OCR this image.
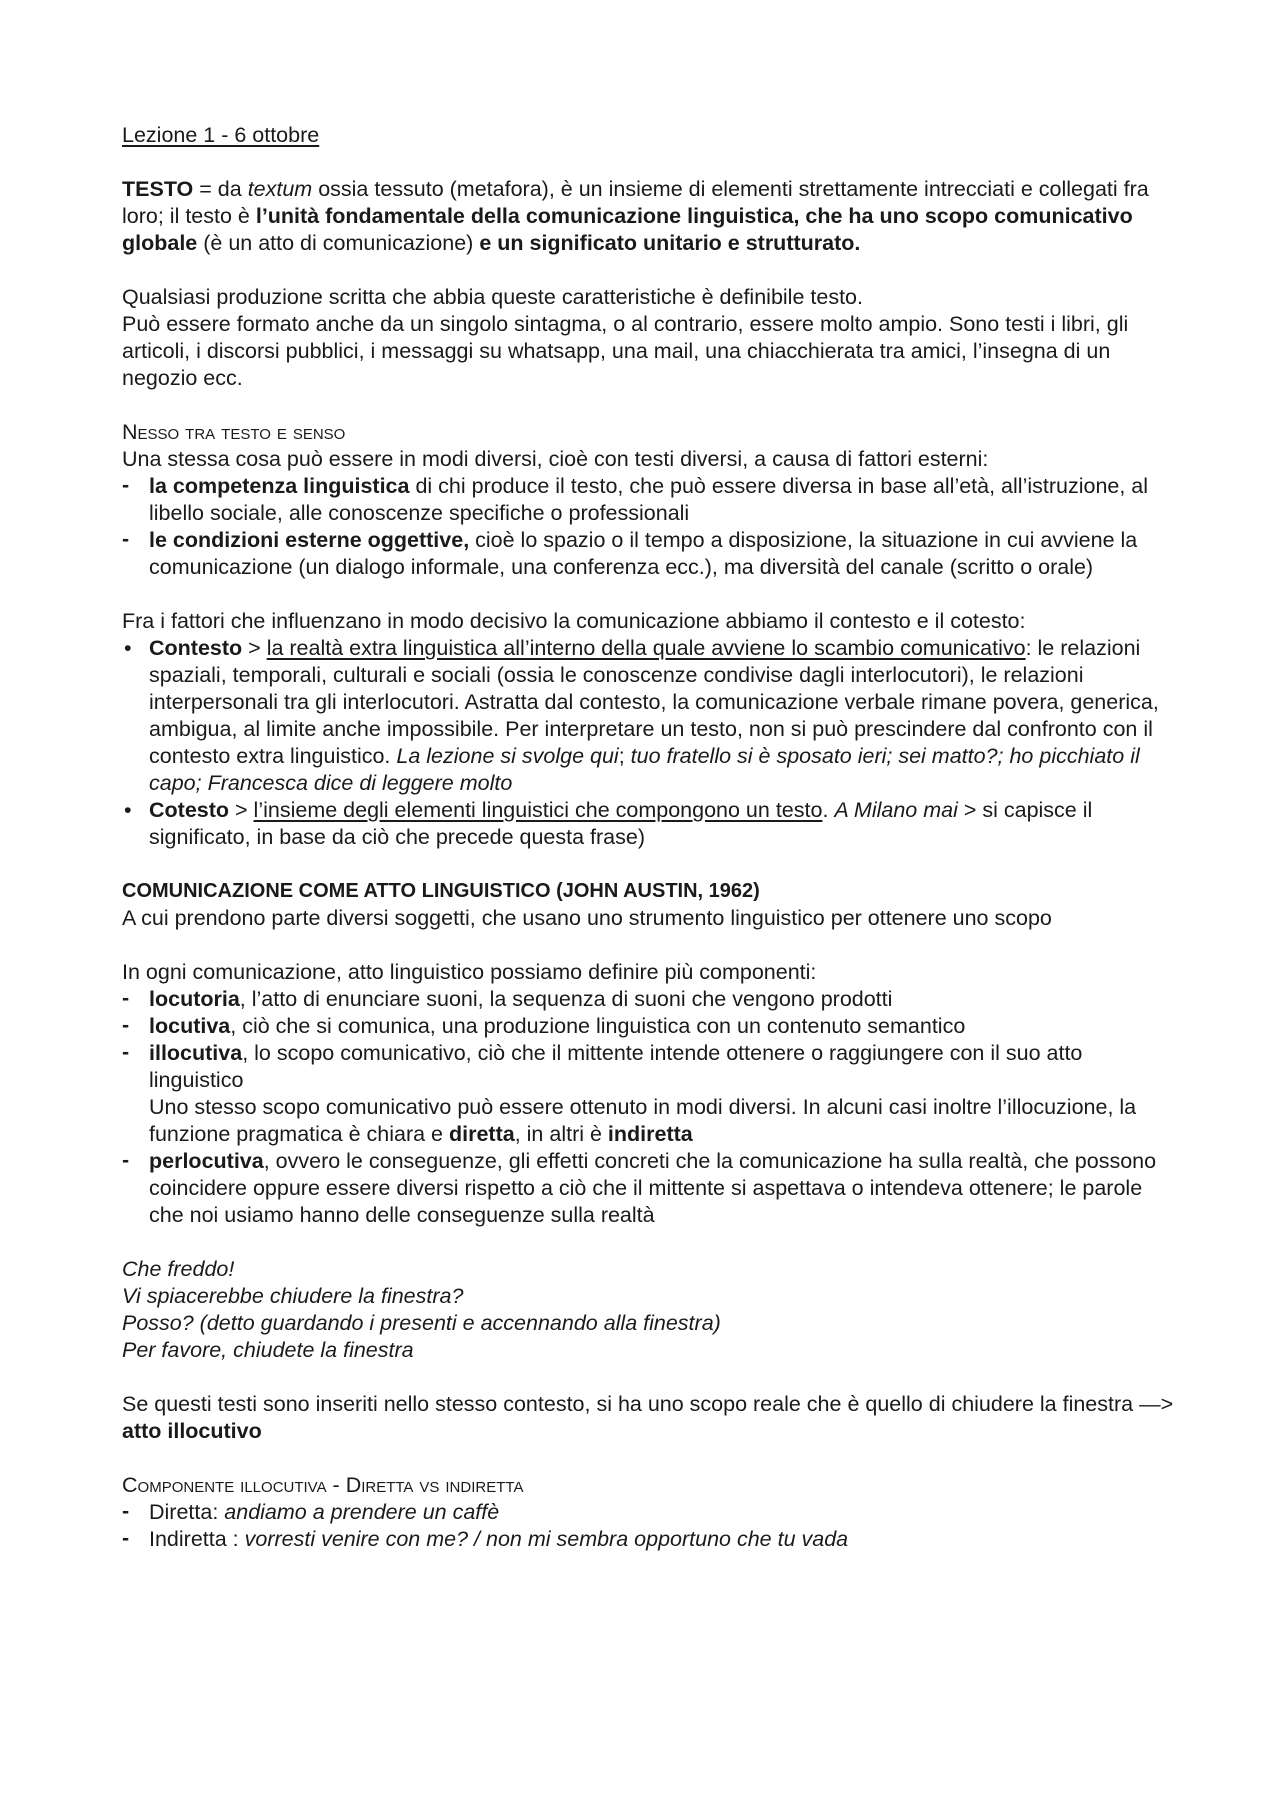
Lezione 1 - 6 ottobre

TESTO = da textum ossia tessuto (metafora), è un insieme di elementi strettamente intrecciati e collegati fra loro; il testo è l’unità fondamentale della comunicazione linguistica, che ha uno scopo comunicativo globale (è un atto di comunicazione) e un significato unitario e strutturato.

Qualsiasi produzione scritta che abbia queste caratteristiche è definibile testo.

Può essere formato anche da un singolo sintagma, o al contrario, essere molto ampio. Sono testi i libri, gli articoli, i discorsi pubblici, i messaggi su whatsapp, una mail, una chiacchierata tra amici, l’insegna di un negozio ecc.

Nesso tra testo e senso

Una stessa cosa può essere in modi diversi, cioè con testi diversi, a causa di fattori esterni:

- la competenza linguistica di chi produce il testo, che può essere diversa in base all’età, all’istruzione, al libello sociale, alle conoscenze specifiche o professionali
- le condizioni esterne oggettive, cioè lo spazio o il tempo a disposizione, la situazione in cui avviene la comunicazione (un dialogo informale, una conferenza ecc.), ma diversità del canale (scritto o orale)

Fra i fattori che influenzano in modo decisivo la comunicazione abbiamo il contesto e il cotesto:

• Contesto > la realtà extra linguistica all’interno della quale avviene lo scambio comunicativo: le relazioni spaziali, temporali, culturali e sociali (ossia le conoscenze condivise dagli interlocutori), le relazioni interpersonali tra gli interlocutori. Astratta dal contesto, la comunicazione verbale rimane povera, generica, ambigua, al limite anche impossibile. Per interpretare un testo, non si può prescindere dal confronto con il contesto extra linguistico. La lezione si svolge qui; tuo fratello si è sposato ieri; sei matto?; ho picchiato il capo; Francesca dice di leggere molto
• Cotesto > l’insieme degli elementi linguistici che compongono un testo. A Milano mai > si capisce il significato, in base da ciò che precede questa frase)

COMUNICAZIONE COME ATTO LINGUISTICO (JOHN AUSTIN, 1962)

A cui prendono parte diversi soggetti, che usano uno strumento linguistico per ottenere uno scopo

In ogni comunicazione, atto linguistico possiamo definire più componenti:

- locutoria, l’atto di enunciare suoni, la sequenza di suoni che vengono prodotti
- locutiva, ciò che si comunica, una produzione linguistica con un contenuto semantico
- illocutiva, lo scopo comunicativo, ciò che il mittente intende ottenere o raggiungere con il suo atto linguistico
Uno stesso scopo comunicativo può essere ottenuto in modi diversi. In alcuni casi inoltre l’illocuzione, la funzione pragmatica è chiara e diretta, in altri è indiretta
- perlocutiva, ovvero le conseguenze, gli effetti concreti che la comunicazione ha sulla realtà, che possono coincidere oppure essere diversi rispetto a ciò che il mittente si aspettava o intendeva ottenere; le parole che noi usiamo hanno delle conseguenze sulla realtà

Che freddo!

Vi spiacerebbe chiudere la finestra?

Posso? (detto guardando i presenti e accennando alla finestra)

Per favore, chiudete la finestra

Se questi testi sono inseriti nello stesso contesto, si ha uno scopo reale che è quello di chiudere la finestra —> atto illocutivo

Componente illocutiva - Diretta vs indiretta

- Diretta: andiamo a prendere un caffè
- Indiretta : vorresti venire con me? / non mi sembra opportuno che tu vada
